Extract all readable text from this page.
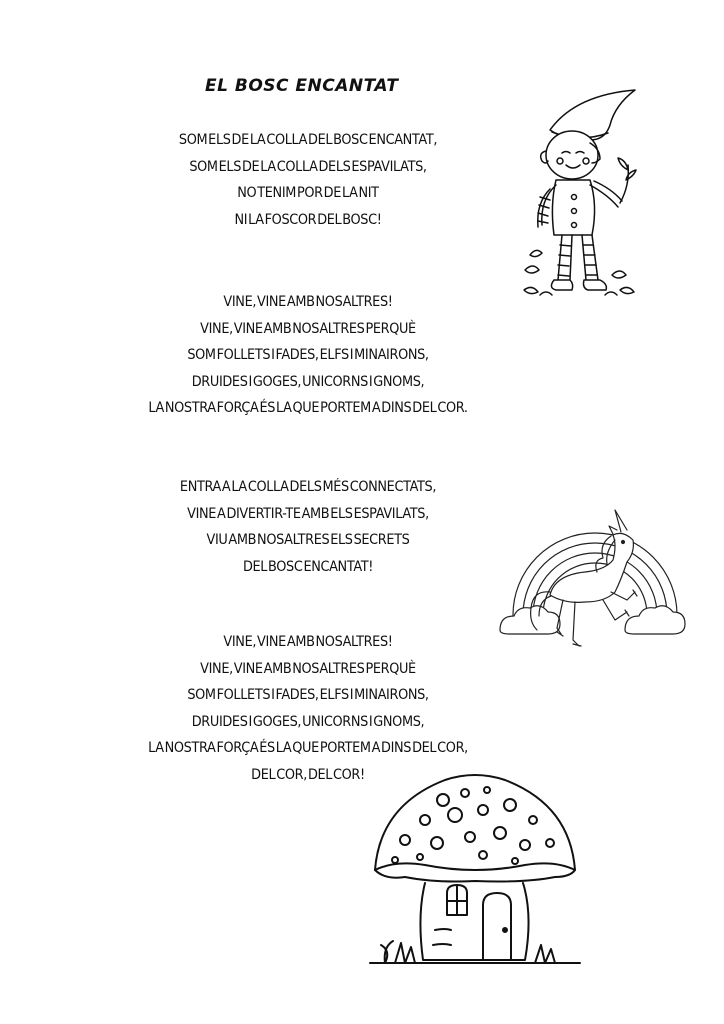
EL BOSC ENCANTAT
SOM ELS DE LA COLLA DEL BOSC ENCANTAT,
SOM ELS DE LA COLLA DELS ESPAVILATS,
NO TENIM POR DE LA NIT
NI LA FOSCOR DEL BOSC!
VINE, VINE AMB NOSALTRES!
VINE, VINE AMB NOSALTRES PERQUÈ
SOM FOLLETS I FADES, ELFS I MINAIRONS,
DRUIDES I GOGES, UNICORNS I GNOMS,
LA NOSTRA FORÇA ÉS LA QUE PORTEM A DINS DEL COR.
ENTRA A LA COLLA DELS MÉS CONNECTATS,
VINE A DIVERTIR-TE AMB ELS ESPAVILATS,
VIU AMB NOSALTRES ELS SECRETS
DEL BOSC ENCANTAT!
VINE, VINE AMB NOSALTRES!
VINE, VINE AMB NOSALTRES PERQUÈ
SOM FOLLETS I FADES, ELFS I MINAIRONS,
DRUIDES I GOGES, UNICORNS I GNOMS,
LA NOSTRA FORÇA ÉS LA QUE PORTEM A DINS DEL COR,
DEL COR, DEL COR!
